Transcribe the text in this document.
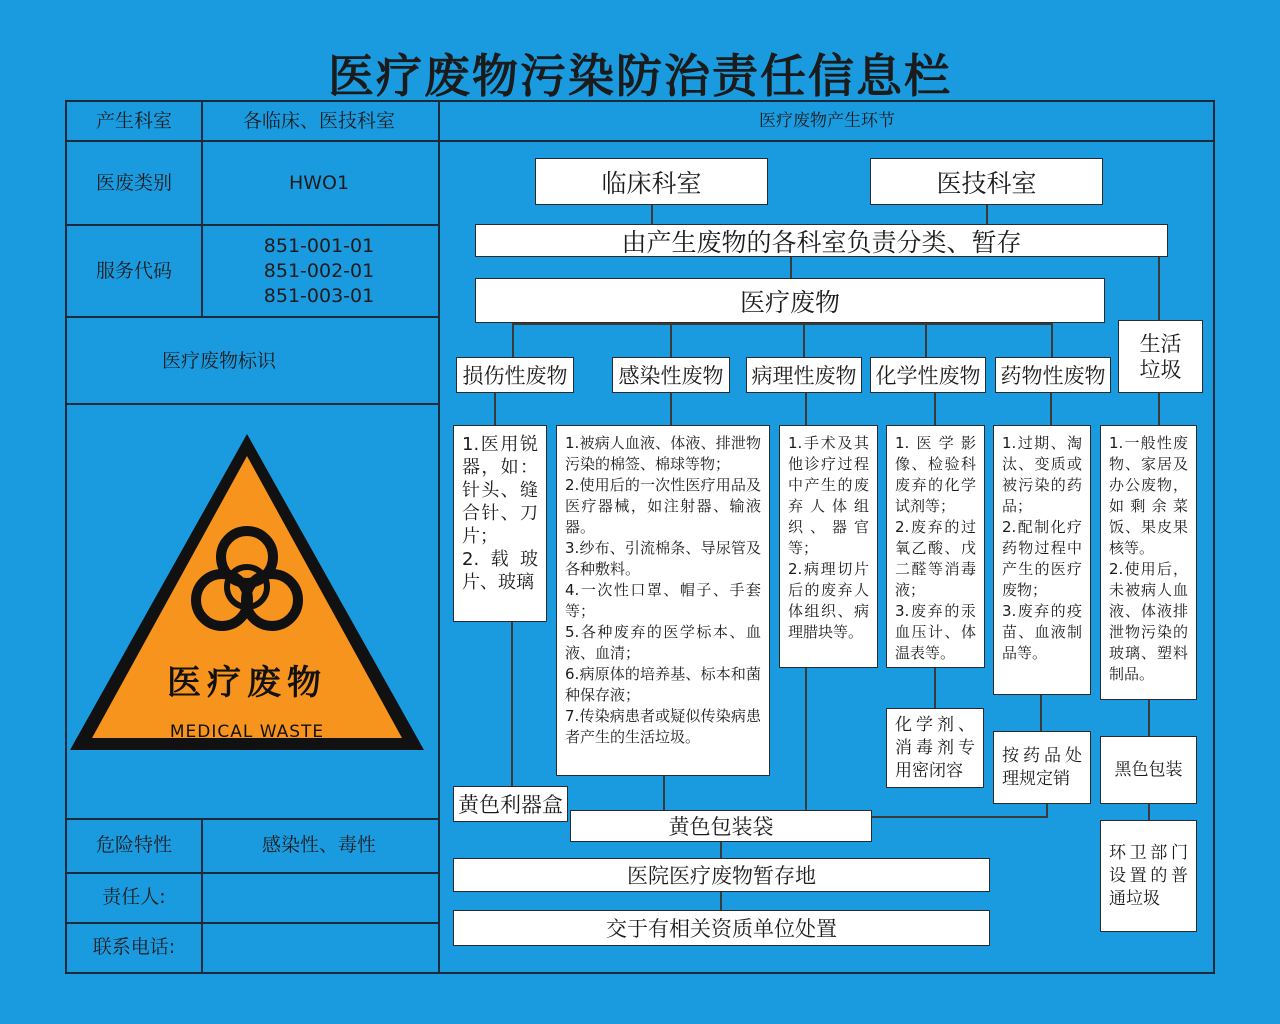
医疗废物污染防治责任信息栏
产生科室	各临床、医技科室	医疗废物产生环节
医废类别	HWO1
服务代码
851-001-01
851-002-01
851-003-01
医疗废物标识
医疗废物
MEDICAL WASTE
危险特性	感染性、毒性
责任人:
联系电话:
临床科室	医技科室
由产生废物的各科室负责分类、暂存
医疗废物
生活
垃圾
损伤性废物	感染性废物	病理性废物 化学性废物 药物性废物
1.医用锐器，如：针头、缝合针、刀片；
2.载玻片、玻璃
1.被病人血液、体液、排泄物污染的棉签、棉球等物；
2.使用后的一次性医疗用品及医疗器械，如注射器、输液器。
3.纱布、引流棉条、导尿管及各种敷料。
4.一次性口罩、帽子、手套等；
5.各种废弃的医学标本、血液、血清；
6.病原体的培养基、标本和菌种保存液；
7.传染病患者或疑似传染病患者产生的生活垃圾。
1.手术及其他诊疗过程中产生的废弃人体组织、器官等；
2.病理切片后的废弃人体组织、病理腊块等。
1.医学影像、检验科废弃的化学试剂等；
2.废弃的过氧乙酸、戊二醛等消毒液；
3.废弃的汞血压计、体温表等。
1.过期、淘汰、变质或被污染的药品；
2.配制化疗药物过程中产生的医疗废物；
3.废弃的疫苗、血液制品等。
1.一般性废物、家居及办公废物，如剩余菜饭、果皮果核等。
2.使用后，未被病人血液、体液排泄物污染的玻璃、塑料制品。
化学剂、消毒剂专用密闭容
按药品处理规定销	黑色包装
环卫部门设置的普通垃圾
黄色利器盒
黄色包装袋
医院医疗废物暂存地
交于有相关资质单位处置
